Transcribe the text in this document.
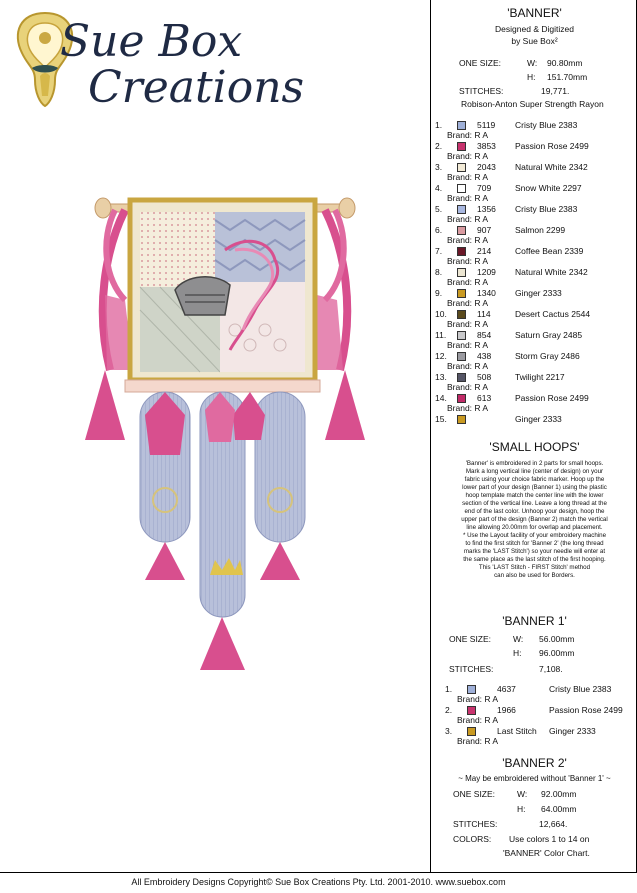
Sue Box
Creations
'BANNER'
Designed & Digitized
by Sue Box²
ONE SIZE:	W: 90.80mm
H: 151.70mm
STITCHES:	19,771.
Robison-Anton Super Strength Rayon
1.	5119 Cristy Blue 2383
Brand: R A
2.	3853 Passion Rose 2499
Brand: R A
3.	2043 Natural White 2342
Brand: R A
4.	709	Snow White 2297
Brand: R A
5.	1356 Cristy Blue 2383
Brand: R A
6.	907	Salmon 2299
Brand: R A
7.	214	Coffee Bean 2339
Brand: R A
8.	1209 Natural White 2342
Brand: R A
9.	1340 Ginger 2333
Brand: R A
10.	114	Desert Cactus 2544
Brand: R A
11.	854	Saturn Gray 2485
Brand: R A
12.	438	Storm Gray 2486
Brand: R A
13.	508	Twilight 2217
Brand: R A
14.	613	Passion Rose 2499
Brand: R A
15.	Ginger 2333
'SMALL HOOPS'
'Banner' is embroidered in 2 parts for small hoops.
Mark a long vertical line (center of design) on your
fabric using your choice fabric marker. Hoop up the
lower part of your design (Banner 1) using the plastic
hoop template match the center line with the lower
section of the vertical line. Leave a long thread at the
end of the last color. Unhoop your design, hoop the
upper part of the design (Banner 2) match the vertical
line allowing 20.00mm for overlap and placement.
* Use the Layout facility of your embroidery machine
to find the first stitch for 'Banner 2' (the long thread
marks the 'LAST Stitch') so your needle will enter at
the same place as the last stitch of the first hooping.
This 'LAST Stitch - FIRST Stitch' method
can also be used for Borders.
'BANNER 1'
ONE SIZE:	W: 56.00mm
H: 96.00mm
STITCHES:	7,108.
1.	4637	Cristy Blue 2383
Brand: R A
2.	1966	Passion Rose 2499
Brand: R A
3.	Last Stitch Ginger 2333
Brand: R A
'BANNER 2'
~ May be embroidered without 'Banner 1' ~
ONE SIZE:	W: 92.00mm
H: 64.00mm
STITCHES:	12,664.
COLORS: Use colors 1 to 14 on
'BANNER' Color Chart.
All Embroidery Designs Copyright© Sue Box Creations Pty. Ltd. 2001-2010. www.suebox.com
